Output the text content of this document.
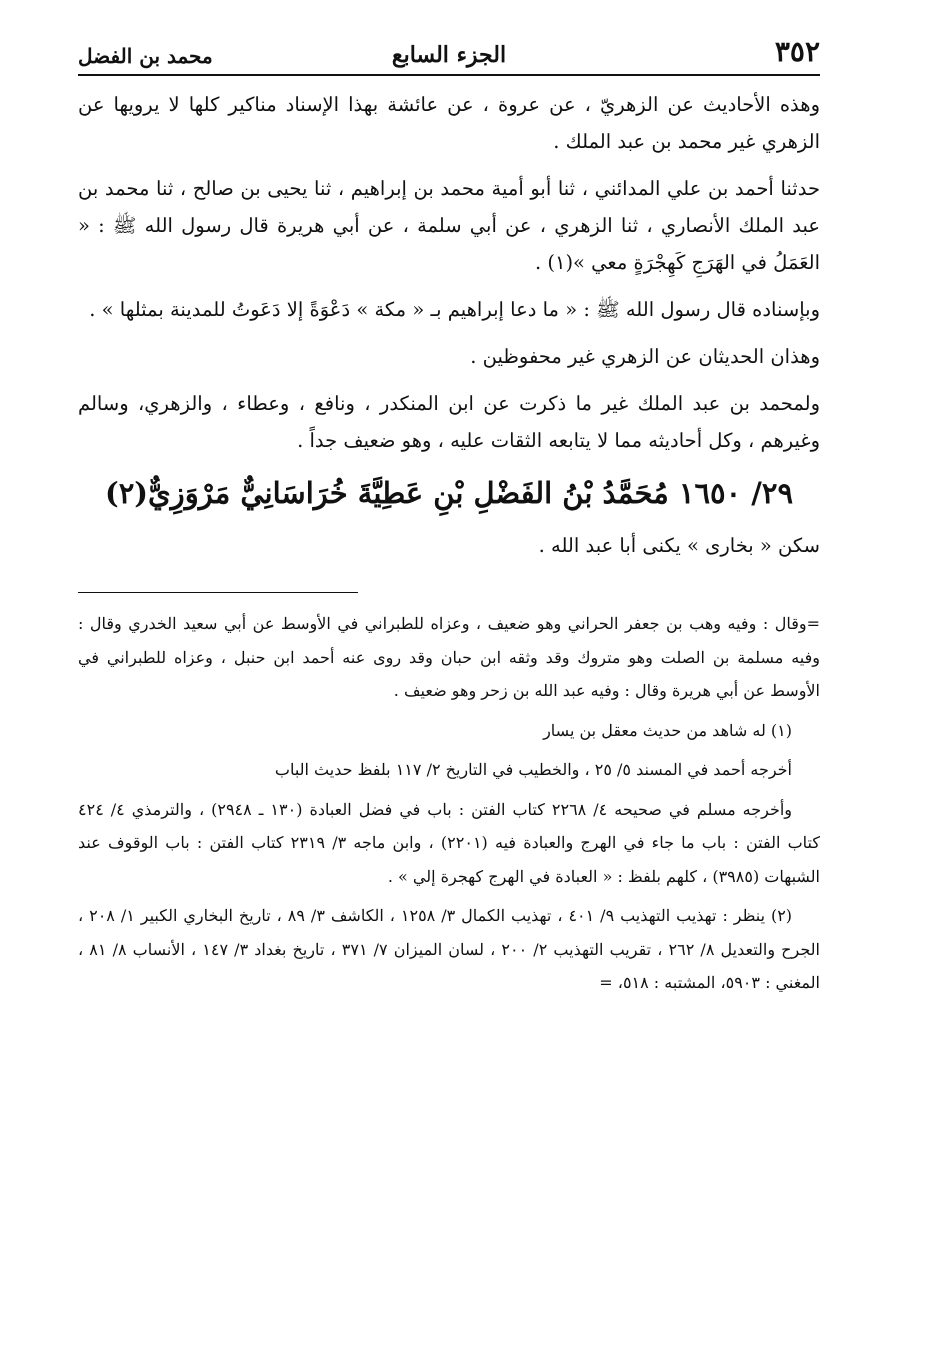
٣٥٢
الجزء السابع
محمد بن الفضل

وهذه الأحاديث عن الزهريّ ، عن عروة ، عن عائشة بهذا الإسناد مناكير كلها لا يرويها عن الزهري غير محمد بن عبد الملك .

حدثنا أحمد بن علي المدائني ، ثنا أبو أمية محمد بن إبراهيم ، ثنا يحيى بن صالح ، ثنا محمد بن عبد الملك الأنصاري ، ثنا الزهري ، عن أبي سلمة ، عن أبي هريرة قال رسول الله ﷺ : « العَمَلُ في الهَرَجِ كَهِجْرَةٍ معي »(١) .

وبإسناده قال رسول الله ﷺ : « ما دعا إبراهيم بـ « مكة » دَعْوَةً إلا دَعَوتُ للمدينة بمثلها » .

وهذان الحديثان عن الزهري غير محفوظين .

ولمحمد بن عبد الملك غير ما ذكرت عن ابن المنكدر ، ونافع ، وعطاء ، والزهري، وسالم وغيرهم ، وكل أحاديثه مما لا يتابعه الثقات عليه ، وهو ضعيف جداً .

٢٩/ ١٦٥٠ مُحَمَّدُ بْنُ الفَضْلِ بْنِ عَطِيَّةَ خُرَاسَانِيٌّ مَرْوَزِيٌّ(٢)

سكن « بخارى » يكنى أبا عبد الله .

=وقال : وفيه وهب بن جعفر الحراني وهو ضعيف ، وعزاه للطبراني في الأوسط عن أبي سعيد الخدري وقال : وفيه مسلمة بن الصلت وهو متروك وقد وثقه ابن حبان وقد روى عنه أحمد ابن حنبل ، وعزاه للطبراني في الأوسط عن أبي هريرة وقال : وفيه عبد الله بن زحر وهو ضعيف .

(١) له شاهد من حديث معقل بن يسار

أخرجه أحمد في المسند ٥/ ٢٥ ، والخطيب في التاريخ ٢/ ١١٧ بلفظ حديث الباب

وأخرجه مسلم في صحيحه ٤/ ٢٢٦٨ كتاب الفتن : باب في فضل العبادة (١٣٠ ـ ٢٩٤٨) ، والترمذي ٤/ ٤٢٤ كتاب الفتن : باب ما جاء في الهرج والعبادة فيه (٢٢٠١) ، وابن ماجه ٣/ ٢٣١٩ كتاب الفتن : باب الوقوف عند الشبهات (٣٩٨٥) ، كلهم بلفظ : « العبادة في الهرج كهجرة إلي » .

(٢) ينظر : تهذيب التهذيب ٩/ ٤٠١ ، تهذيب الكمال ٣/ ١٢٥٨ ، الكاشف ٣/ ٨٩ ، تاريخ البخاري الكبير ١/ ٢٠٨ ، الجرح والتعديل ٨/ ٢٦٢ ، تقريب التهذيب ٢/ ٢٠٠ ، لسان الميزان ٧/ ٣٧١ ، تاريخ بغداد ٣/ ١٤٧ ، الأنساب ٨/ ٨١ ، المغني : ٥٩٠٣، المشتبه : ٥١٨، =
